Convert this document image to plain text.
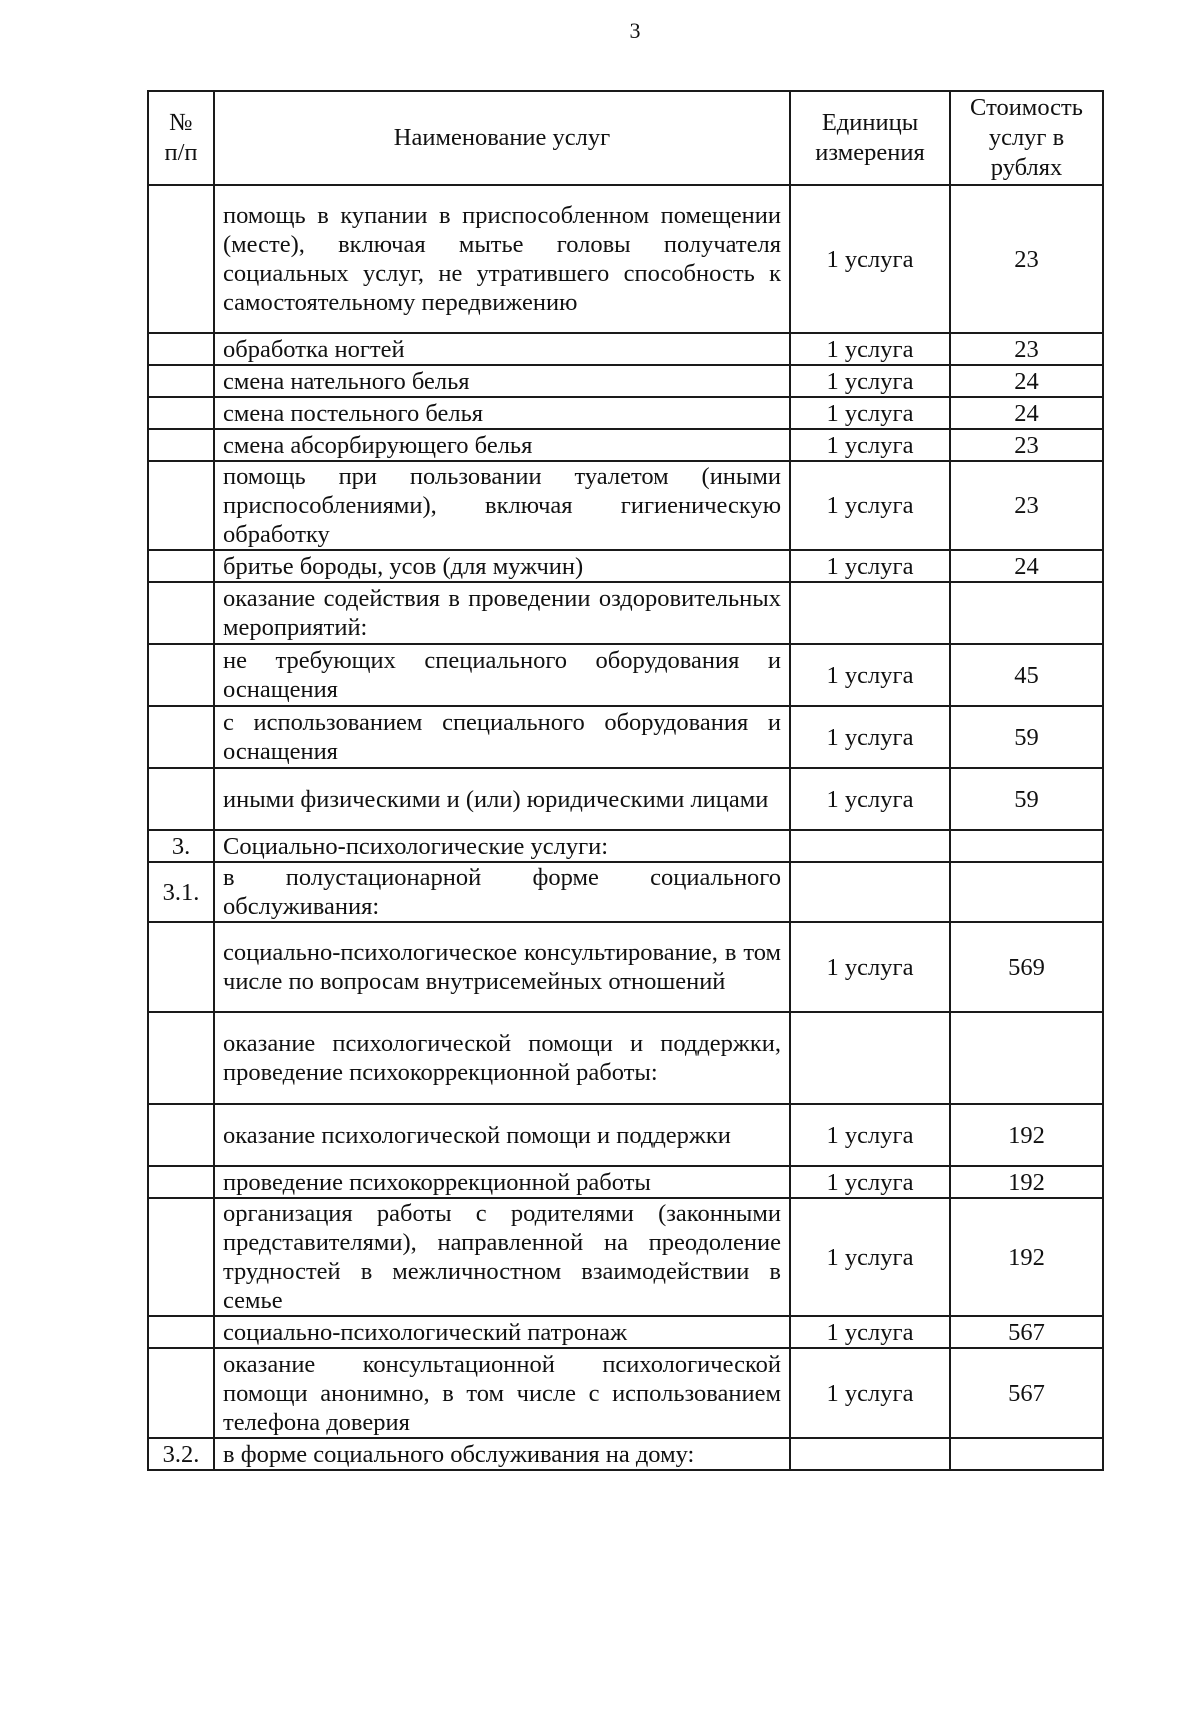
3
№ п/п	Наименование услуг	Единицы измерения	Стоимость услуг в рублях
	помощь в купании в приспособленном помещении (месте), включая мытье головы получателя социальных услуг, не утратившего способность к самостоятельному передвижению	1 услуга	23
	обработка ногтей	1 услуга	23
	смена нательного белья	1 услуга	24
	смена постельного белья	1 услуга	24
	смена абсорбирующего белья	1 услуга	23
	помощь при пользовании туалетом (иными приспособлениями), включая гигиеническую обработку	1 услуга	23
	бритье бороды, усов (для мужчин)	1 услуга	24
	оказание содействия в проведении оздоровительных мероприятий:		
	не требующих специального оборудования и оснащения	1 услуга	45
	с использованием специального оборудования и оснащения	1 услуга	59
	иными физическими и (или) юридическими лицами	1 услуга	59
3.	Социально-психологические услуги:		
3.1.	в полустационарной форме социального обслуживания:		
	социально-психологическое консультирование, в том числе по вопросам внутрисемейных отношений	1 услуга	569
	оказание психологической помощи и поддержки, проведение психокоррекционной работы:		
	оказание психологической помощи и поддержки	1 услуга	192
	проведение психокоррекционной работы	1 услуга	192
	организация работы с родителями (законными представителями), направленной на преодоление трудностей в межличностном взаимодействии в семье	1 услуга	192
	социально-психологический патронаж	1 услуга	567
	оказание консультационной психологической помощи анонимно, в том числе с использованием телефона доверия	1 услуга	567
3.2.	в форме социального обслуживания на дому:		
